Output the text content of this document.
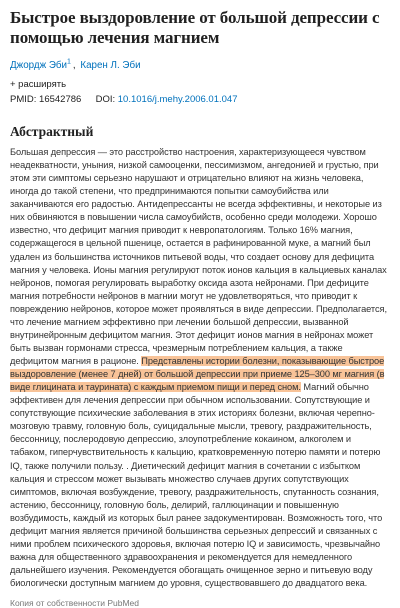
Быстрое выздоровление от большой депрессии с помощью лечения магнием
Джордж Эби$^1$ , Карен Л. Эби
+ расширять
PMID: 16542786 DOI: 10.1016/j.mehy.2006.01.047
Абстрактный
Большая депрессия — это расстройство настроения, характеризующееся чувством неадекватности, уныния, низкой самооценки, пессимизмом, ангедонией и грустью, при этом эти симптомы серьезно нарушают и отрицательно влияют на жизнь человека, иногда до такой степени, что предпринимаются попытки самоубийства или заканчиваются его радостью. Антидепрессанты не всегда эффективны, и некоторые из них обвиняются в повышении числа самоубийств, особенно среди молодежи. Хорошо известно, что дефицит магния приводит к невропатологиям. Только 16% магния, содержащегося в цельной пшенице, остается в рафинированной муке, а магний был удален из большинства источников питьевой воды, что создает основу для дефицита магния у человека. Ионы магния регулируют поток ионов кальция в кальциевых каналах нейронов, помогая регулировать выработку оксида азота нейронами. При дефиците магния потребности нейронов в магнии могут не удовлетворяться, что приводит к повреждению нейронов, которое может проявляться в виде депрессии. Предполагается, что лечение магнием эффективно при лечении большой депрессии, вызванной внутринейронным дефицитом магния. Этот дефицит ионов магния в нейронах может быть вызван гормонами стресса, чрезмерным потреблением кальция, а также дефицитом магния в рационе. Представлены истории болезни, показывающие быстрое выздоровление (менее 7 дней) от большой депрессии при приеме 125–300 мг магния (в виде глицината и таурината) с каждым приемом пищи и перед сном. Магний обычно эффективен для лечения депрессии при обычном использовании. Сопутствующие и сопутствующие психические заболевания в этих историях болезни, включая черепно-мозговую травму, головную боль, суицидальные мысли, тревогу, раздражительность, бессонницу, послеродовую депрессию, злоупотребление кокаином, алкоголем и табаком, гиперчувствительность к кальцию, кратковременную потерю памяти и потерю IQ, также получили пользу. . Диетический дефицит магния в сочетании с избытком кальция и стрессом может вызывать множество случаев других сопутствующих симптомов, включая возбуждение, тревогу, раздражительность, спутанность сознания, астению, бессонницу, головную боль, делирий, галлюцинации и повышенную возбудимость, каждый из которых был ранее задокументирован. Возможность того, что дефицит магния является причиной большинства серьезных депрессий и связанных с ними проблем психического здоровья, включая потерю IQ и зависимость, чрезвычайно важна для общественного здравоохранения и рекомендуется для немедленного дальнейшего изучения. Рекомендуется обогащать очищенное зерно и питьевую воду биологически доступным магнием до уровня, существовавшего до двадцатого века.
Копия от собственности PubMed
